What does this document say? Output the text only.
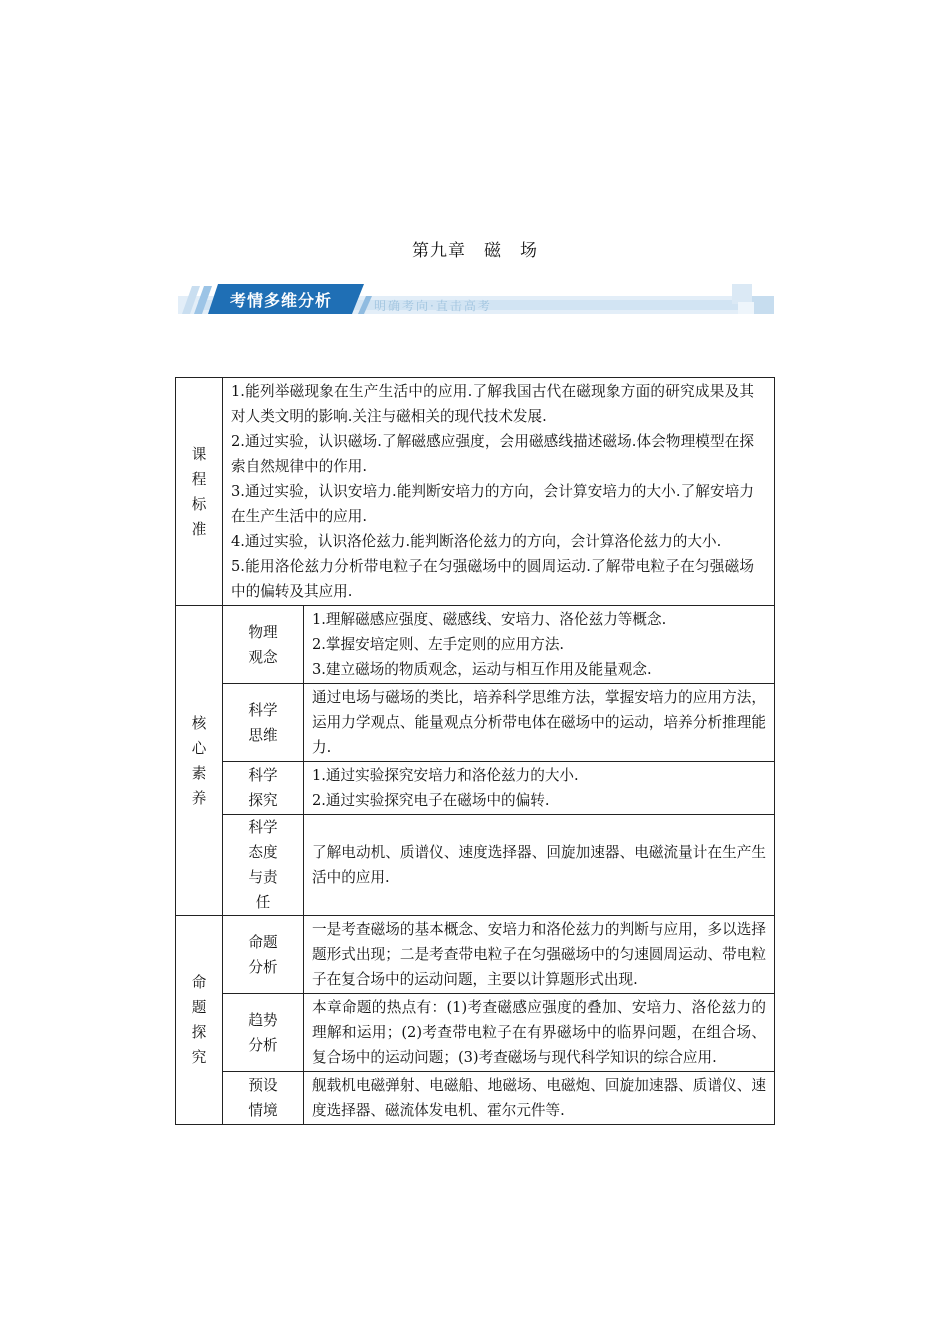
第九章　磁　场
考情多维分析	明确考向·直击高考
课程标准	1.能列举磁现象在生产生活中的应用.了解我国古代在磁现象方面的研究成果及其对人类文明的影响.关注与磁相关的现代技术发展.
2.通过实验，认识磁场.了解磁感应强度，会用磁感线描述磁场.体会物理模型在探索自然规律中的作用.
3.通过实验，认识安培力.能判断安培力的方向，会计算安培力的大小.了解安培力在生产生活中的应用.
4.通过实验，认识洛伦兹力.能判断洛伦兹力的方向，会计算洛伦兹力的大小.
5.能用洛伦兹力分析带电粒子在匀强磁场中的圆周运动.了解带电粒子在匀强磁场中的偏转及其应用.	

核心素养	物理观念	1.理解磁感应强度、磁感线、安培力、洛伦兹力等概念.
2.掌握安培定则、左手定则的应用方法.
3.建立磁场的物质观念，运动与相互作用及能量观念.

	科学思维	通过电场与磁场的类比，培养科学思维方法，掌握安培力的应用方法，运用力学观点、能量观点分析带电体在磁场中的运动，培养分析推理能力.

	科学探究	1.通过实验探究安培力和洛伦兹力的大小.
2.通过实验探究电子在磁场中的偏转.

	科学态度与责任	了解电动机、质谱仪、速度选择器、回旋加速器、电磁流量计在生产生活中的应用.

命题探究	命题分析	一是考查磁场的基本概念、安培力和洛伦兹力的判断与应用，多以选择题形式出现；二是考查带电粒子在匀强磁场中的匀速圆周运动、带电粒子在复合场中的运动问题，主要以计算题形式出现.

	趋势分析	本章命题的热点有：(1)考查磁感应强度的叠加、安培力、洛伦兹力的理解和运用；(2)考查带电粒子在有界磁场中的临界问题，在组合场、复合场中的运动问题；(3)考查磁场与现代科学知识的综合应用.

	预设情境	舰载机电磁弹射、电磁船、地磁场、电磁炮、回旋加速器、质谱仪、速度选择器、磁流体发电机、霍尔元件等.
